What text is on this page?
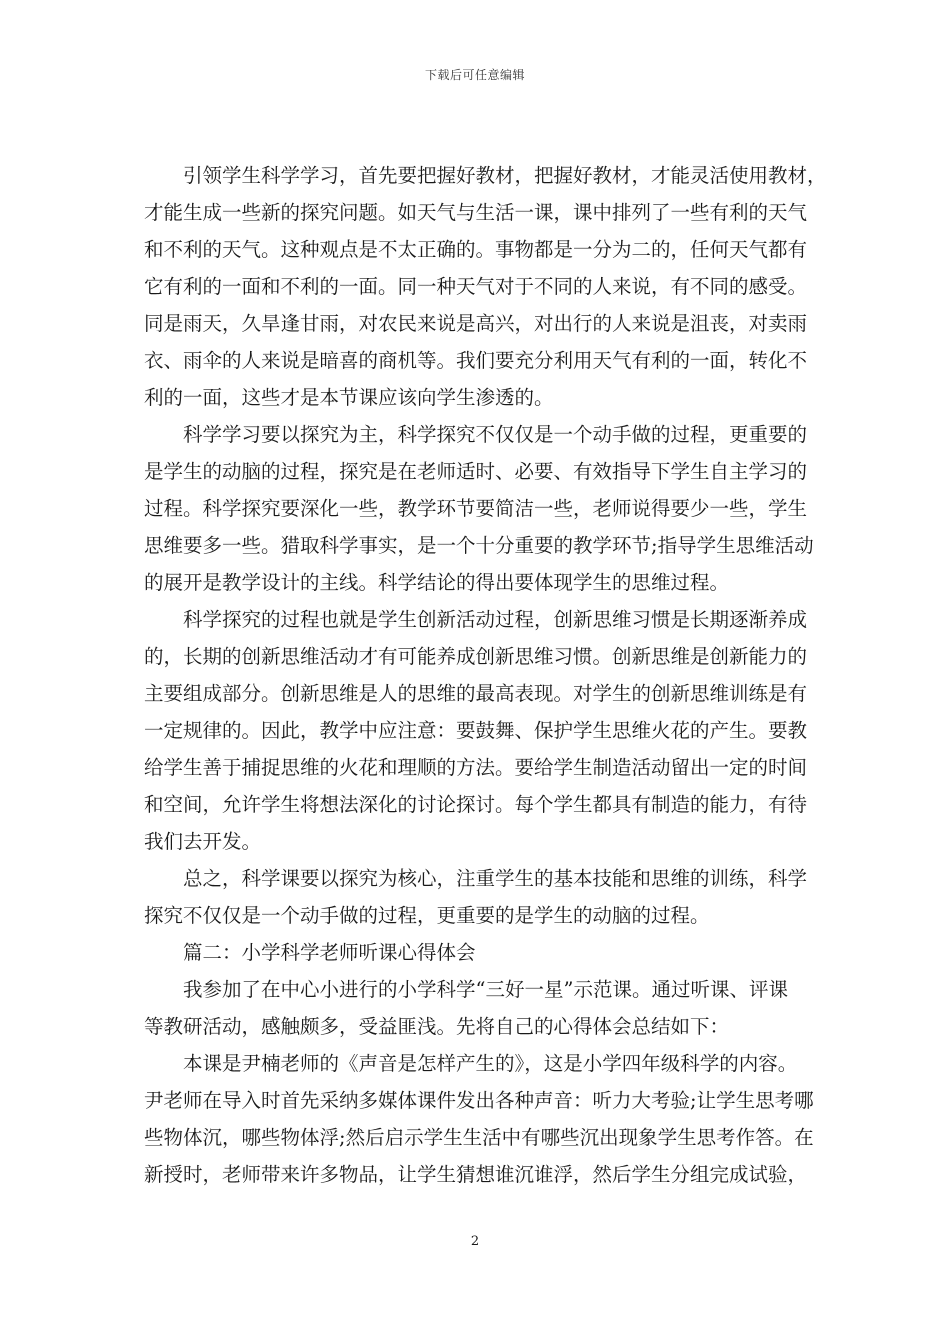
下载后可任意编辑

引领学生科学学习，首先要把握好教材，把握好教材，才能灵活使用教材，
才能生成一些新的探究问题。如天气与生活一课，课中排列了一些有利的天气
和不利的天气。这种观点是不太正确的。事物都是一分为二的，任何天气都有
它有利的一面和不利的一面。同一种天气对于不同的人来说，有不同的感受。
同是雨天，久旱逢甘雨，对农民来说是高兴，对出行的人来说是沮丧，对卖雨
衣、雨伞的人来说是暗喜的商机等。我们要充分利用天气有利的一面，转化不
利的一面，这些才是本节课应该向学生渗透的。

科学学习要以探究为主，科学探究不仅仅是一个动手做的过程，更重要的
是学生的动脑的过程，探究是在老师适时、必要、有效指导下学生自主学习的
过程。科学探究要深化一些，教学环节要简洁一些，老师说得要少一些，学生
思维要多一些。猎取科学事实，是一个十分重要的教学环节;指导学生思维活动
的展开是教学设计的主线。科学结论的得出要体现学生的思维过程。

科学探究的过程也就是学生创新活动过程，创新思维习惯是长期逐渐养成
的，长期的创新思维活动才有可能养成创新思维习惯。创新思维是创新能力的
主要组成部分。创新思维是人的思维的最高表现。对学生的创新思维训练是有
一定规律的。因此，教学中应注意：要鼓舞、保护学生思维火花的产生。要教
给学生善于捕捉思维的火花和理顺的方法。要给学生制造活动留出一定的时间
和空间，允许学生将想法深化的讨论探讨。每个学生都具有制造的能力，有待
我们去开发。

总之，科学课要以探究为核心，注重学生的基本技能和思维的训练，科学
探究不仅仅是一个动手做的过程，更重要的是学生的动脑的过程。

篇二：小学科学老师听课心得体会

我参加了在中心小进行的小学科学“三好一星”示范课。通过听课、评课
等教研活动，感触颇多，受益匪浅。先将自己的心得体会总结如下：

本课是尹楠老师的《声音是怎样产生的》，这是小学四年级科学的内容。
尹老师在导入时首先采纳多媒体课件发出各种声音：听力大考验;让学生思考哪
些物体沉，哪些物体浮;然后启示学生生活中有哪些沉出现象学生思考作答。在
新授时，老师带来许多物品，让学生猜想谁沉谁浮，然后学生分组完成试验，

2
